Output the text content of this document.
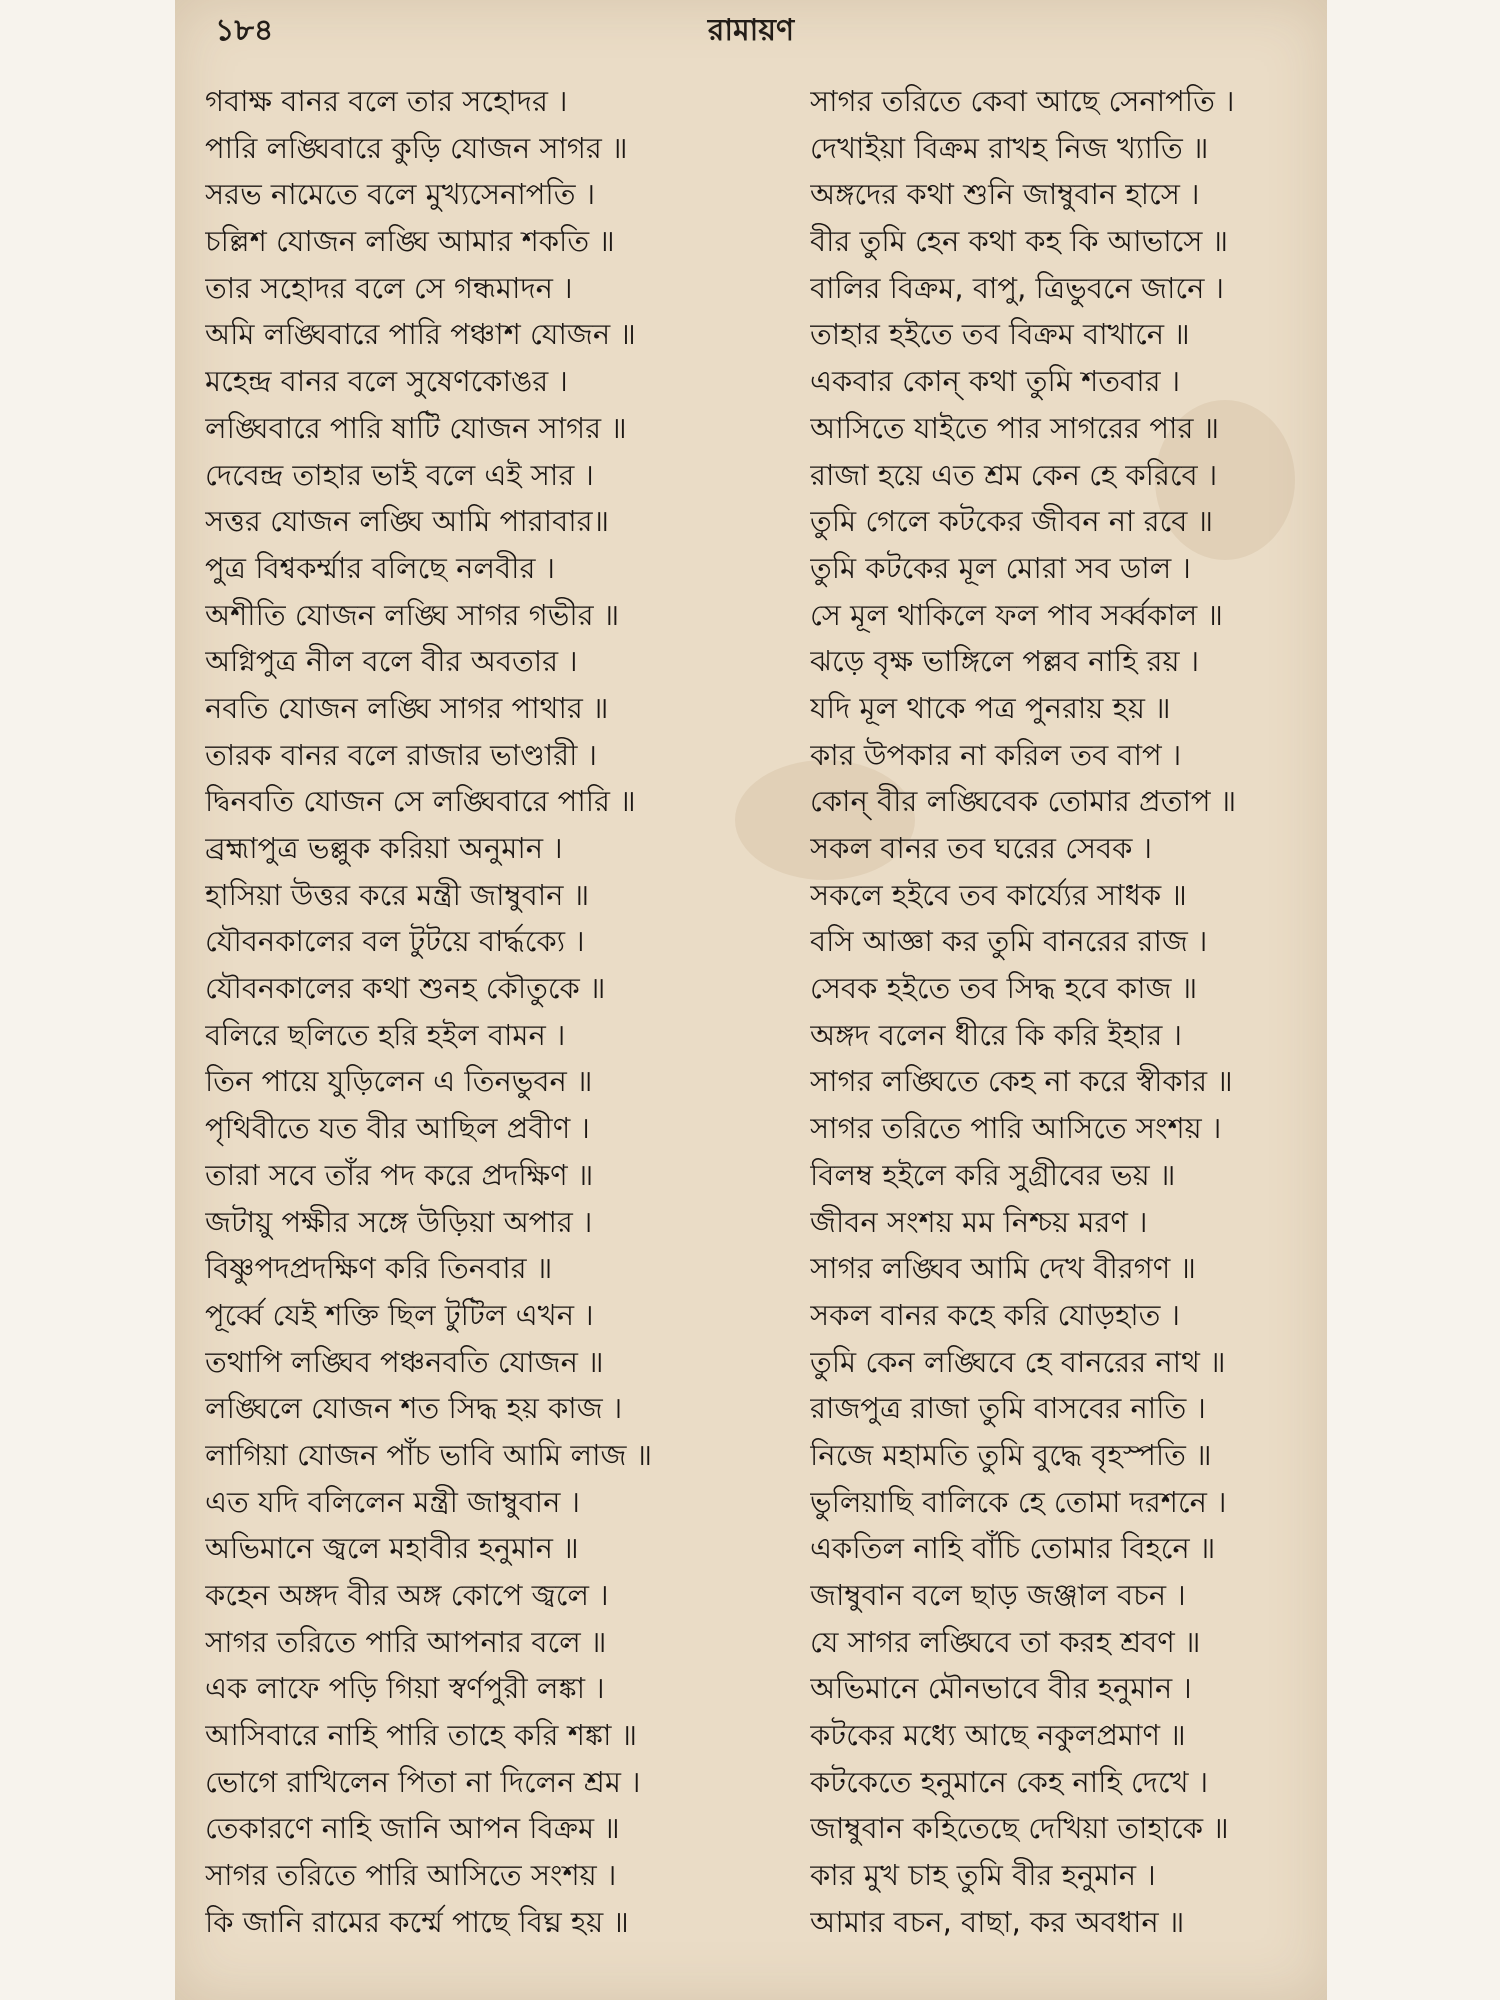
১৮৪	রামায়ণ
গবাক্ষ বানর বলে তার সহোদর ।
পারি লঙ্ঘিবারে কুড়ি যোজন সাগর ॥
সরভ নামেতে বলে মুখ্যসেনাপতি ।
চল্লিশ যোজন লঙ্ঘি আমার শকতি ॥
তার সহোদর বলে সে গন্ধমাদন ।
অমি লঙ্ঘিবারে পারি পঞ্চাশ যোজন ॥
মহেন্দ্র বানর বলে সুষেণকোঙর ।
লঙ্ঘিবারে পারি ষাটি যোজন সাগর ॥
দেবেন্দ্র তাহার ভাই বলে এই সার ।
সত্তর যোজন লঙ্ঘি আমি পারাবার॥
পুত্র বিশ্বকর্ম্মার বলিছে নলবীর ।
অশীতি যোজন লঙ্ঘি সাগর গভীর ॥
অগ্নিপুত্র নীল বলে বীর অবতার ।
নবতি যোজন লঙ্ঘি সাগর পাথার ॥
তারক বানর বলে রাজার ভাণ্ডারী ।
দ্বিনবতি যোজন সে লঙ্ঘিবারে পারি ॥
ব্রহ্মাপুত্র ভল্লুক করিয়া অনুমান ।
হাসিয়া উত্তর করে মন্ত্রী জাম্বুবান ॥
যৌবনকালের বল টুটয়ে বার্দ্ধক্যে ।
যৌবনকালের কথা শুনহ কৌতুকে ॥
বলিরে ছলিতে হরি হইল বামন ।
তিন পায়ে যুড়িলেন এ তিনভুবন ॥
পৃথিবীতে যত বীর আছিল প্রবীণ ।
তারা সবে তাঁর পদ করে প্রদক্ষিণ ॥
জটায়ু পক্ষীর সঙ্গে উড়িয়া অপার ।
বিষ্ণুপদপ্রদক্ষিণ করি তিনবার ॥
পূর্ব্বে যেই শক্তি ছিল টুটিল এখন ।
তথাপি লঙ্ঘিব পঞ্চনবতি যোজন ॥
লঙ্ঘিলে যোজন শত সিদ্ধ হয় কাজ ।
লাগিয়া যোজন পাঁচ ভাবি আমি লাজ ॥
এত যদি বলিলেন মন্ত্রী জাম্বুবান ।
অভিমানে জ্বলে মহাবীর হনুমান ॥
কহেন অঙ্গদ বীর অঙ্গ কোপে জ্বলে ।
সাগর তরিতে পারি আপনার বলে ॥
এক লাফে পড়ি গিয়া স্বর্ণপুরী লঙ্কা ।
আসিবারে নাহি পারি তাহে করি শঙ্কা ॥
ভোগে রাখিলেন পিতা না দিলেন শ্রম ।
তেকারণে নাহি জানি আপন বিক্রম ॥
সাগর তরিতে পারি আসিতে সংশয় ।
কি জানি রামের কর্ম্মে পাছে বিঘ্ন হয় ॥
সাগর তরিতে কেবা আছে সেনাপতি ।
দেখাইয়া বিক্রম রাখহ নিজ খ্যাতি ॥
অঙ্গদের কথা শুনি জাম্বুবান হাসে ।
বীর তুমি হেন কথা কহ কি আভাসে ॥
বালির বিক্রম, বাপু, ত্রিভুবনে জানে ।
তাহার হইতে তব বিক্রম বাখানে ॥
একবার কোন্ কথা তুমি শতবার ।
আসিতে যাইতে পার সাগরের পার ॥
রাজা হয়ে এত শ্রম কেন হে করিবে ।
তুমি গেলে কটকের জীবন না রবে ॥
তুমি কটকের মূল মোরা সব ডাল ।
সে মূল থাকিলে ফল পাব সর্ব্বকাল ॥
ঝড়ে বৃক্ষ ভাঙ্গিলে পল্লব নাহি রয় ।
যদি মূল থাকে পত্র পুনরায় হয় ॥
কার উপকার না করিল তব বাপ ।
কোন্ বীর লঙ্ঘিবেক তোমার প্রতাপ ॥
সকল বানর তব ঘরের সেবক ।
সকলে হইবে তব কার্য্যের সাধক ॥
বসি আজ্ঞা কর তুমি বানরের রাজ ।
সেবক হইতে তব সিদ্ধ হবে কাজ ॥
অঙ্গদ বলেন ধীরে কি করি ইহার ।
সাগর লঙ্ঘিতে কেহ না করে স্বীকার ॥
সাগর তরিতে পারি আসিতে সংশয় ।
বিলম্ব হইলে করি সুগ্রীবের ভয় ॥
জীবন সংশয় মম নিশ্চয় মরণ ।
সাগর লঙ্ঘিব আমি দেখ বীরগণ ॥
সকল বানর কহে করি যোড়হাত ।
তুমি কেন লঙ্ঘিবে হে বানরের নাথ ॥
রাজপুত্র রাজা তুমি বাসবের নাতি ।
নিজে মহামতি তুমি বুদ্ধে বৃহস্পতি ॥
ভুলিয়াছি বালিকে হে তোমা দরশনে ।
একতিল নাহি বাঁচি তোমার বিহনে ॥
জাম্বুবান বলে ছাড় জঞ্জাল বচন ।
যে সাগর লঙ্ঘিবে তা করহ শ্রবণ ॥
অভিমানে মৌনভাবে বীর হনুমান ।
কটকের মধ্যে আছে নকুলপ্রমাণ ॥
কটকেতে হনুমানে কেহ নাহি দেখে ।
জাম্বুবান কহিতেছে দেখিয়া তাহাকে ॥
কার মুখ চাহ তুমি বীর হনুমান ।
আমার বচন, বাছা, কর অবধান ॥
